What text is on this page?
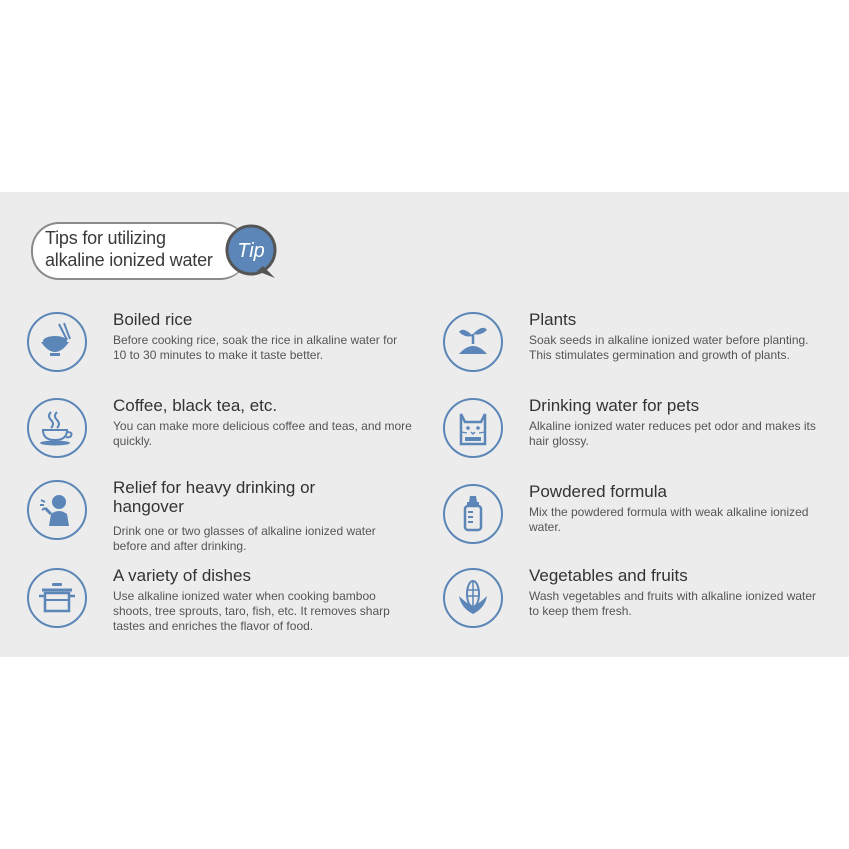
Tips for utilizing
alkaline ionized water	Tip
Boiled rice
Before cooking rice, soak the rice in alkaline water for 10 to 30 minutes to make it taste better.
Coffee, black tea, etc.
You can make more delicious coffee and teas, and more quickly.
Relief for heavy drinking or hangover
Drink one or two glasses of alkaline ionized water before and after drinking.
A variety of dishes
Use alkaline ionized water when cooking bamboo shoots, tree sprouts, taro, fish, etc. It removes sharp tastes and enriches the flavor of food.
Plants
Soak seeds in alkaline ionized water before planting. This stimulates germination and growth of plants.
Drinking water for pets
Alkaline ionized water reduces pet odor and makes its hair glossy.
Powdered formula
Mix the powdered formula with weak alkaline ionized water.
Vegetables and fruits
Wash vegetables and fruits with alkaline ionized water to keep them fresh.
